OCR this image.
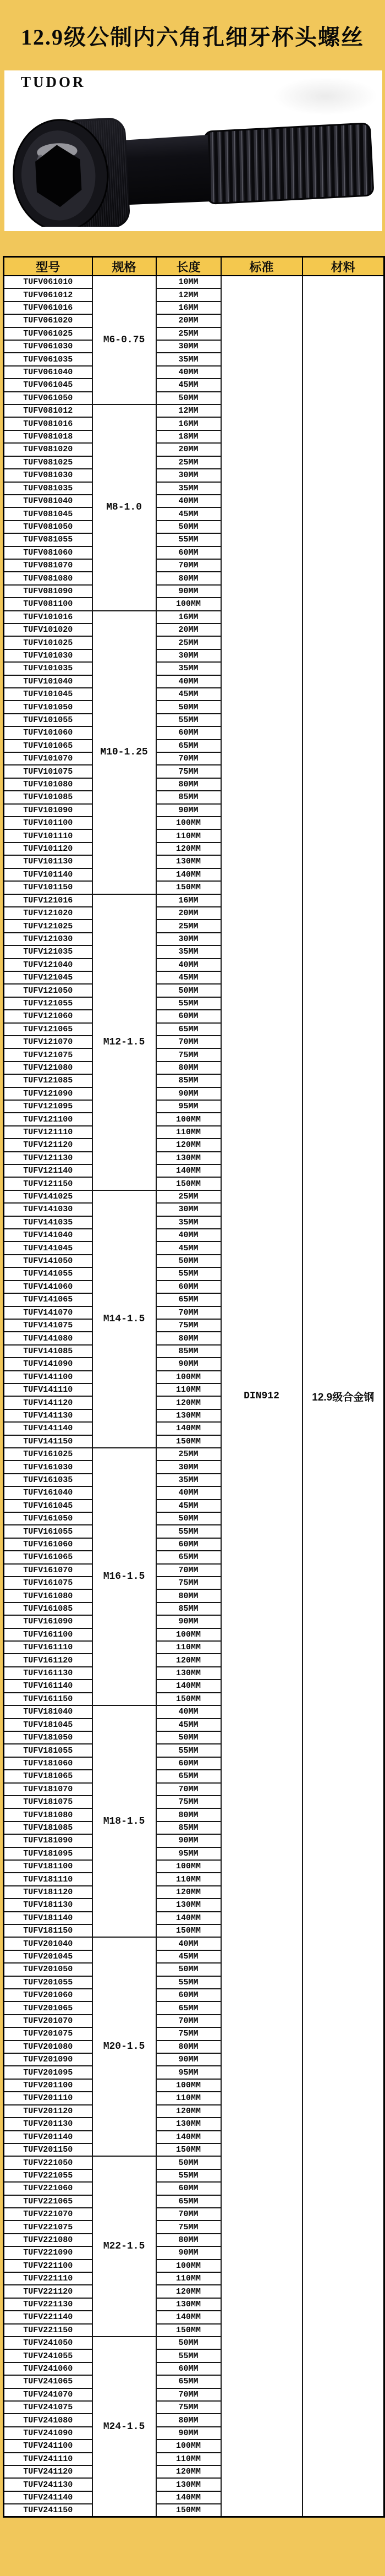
12.9级公制内六角孔细牙杯头螺丝
TUDOR
型号	规格	长度	标准	材料
TUFV061010	M6-0.75	10MM	DIN912	12.9级合金钢
TUFV061012		12MM		
TUFV061016		16MM		
TUFV061020		20MM		
TUFV061025		25MM		
TUFV061030		30MM		
TUFV061035		35MM		
TUFV061040		40MM		
TUFV061045		45MM		
TUFV061050		50MM		
TUFV081012	M8-1.0	12MM		
TUFV081016		16MM		
TUFV081018		18MM		
TUFV081020		20MM		
TUFV081025		25MM		
TUFV081030		30MM		
TUFV081035		35MM		
TUFV081040		40MM		
TUFV081045		45MM		
TUFV081050		50MM		
TUFV081055		55MM		
TUFV081060		60MM		
TUFV081070		70MM		
TUFV081080		80MM		
TUFV081090		90MM		
TUFV081100		100MM		
TUFV101016	M10-1.25	16MM		
TUFV101020		20MM		
TUFV101025		25MM		
TUFV101030		30MM		
TUFV101035		35MM		
TUFV101040		40MM		
TUFV101045		45MM		
TUFV101050		50MM		
TUFV101055		55MM		
TUFV101060		60MM		
TUFV101065		65MM		
TUFV101070		70MM		
TUFV101075		75MM		
TUFV101080		80MM		
TUFV101085		85MM		
TUFV101090		90MM		
TUFV101100		100MM		
TUFV101110		110MM		
TUFV101120		120MM		
TUFV101130		130MM		
TUFV101140		140MM		
TUFV101150		150MM		
TUFV121016	M12-1.5	16MM		
TUFV121020		20MM		
TUFV121025		25MM		
TUFV121030		30MM		
TUFV121035		35MM		
TUFV121040		40MM		
TUFV121045		45MM		
TUFV121050		50MM		
TUFV121055		55MM		
TUFV121060		60MM		
TUFV121065		65MM		
TUFV121070		70MM		
TUFV121075		75MM		
TUFV121080		80MM		
TUFV121085		85MM		
TUFV121090		90MM		
TUFV121095		95MM		
TUFV121100		100MM		
TUFV121110		110MM		
TUFV121120		120MM		
TUFV121130		130MM		
TUFV121140		140MM		
TUFV121150		150MM		
TUFV141025	M14-1.5	25MM		
TUFV141030		30MM		
TUFV141035		35MM		
TUFV141040		40MM		
TUFV141045		45MM		
TUFV141050		50MM		
TUFV141055		55MM		
TUFV141060		60MM		
TUFV141065		65MM		
TUFV141070		70MM		
TUFV141075		75MM		
TUFV141080		80MM		
TUFV141085		85MM		
TUFV141090		90MM		
TUFV141100		100MM		
TUFV141110		110MM		
TUFV141120		120MM		
TUFV141130		130MM		
TUFV141140		140MM		
TUFV141150		150MM		
TUFV161025	M16-1.5	25MM		
TUFV161030		30MM		
TUFV161035		35MM		
TUFV161040		40MM		
TUFV161045		45MM		
TUFV161050		50MM		
TUFV161055		55MM		
TUFV161060		60MM		
TUFV161065		65MM		
TUFV161070		70MM		
TUFV161075		75MM		
TUFV161080		80MM		
TUFV161085		85MM		
TUFV161090		90MM		
TUFV161100		100MM		
TUFV161110		110MM		
TUFV161120		120MM		
TUFV161130		130MM		
TUFV161140		140MM		
TUFV161150		150MM		
TUFV181040	M18-1.5	40MM		
TUFV181045		45MM		
TUFV181050		50MM		
TUFV181055		55MM		
TUFV181060		60MM		
TUFV181065		65MM		
TUFV181070		70MM		
TUFV181075		75MM		
TUFV181080		80MM		
TUFV181085		85MM		
TUFV181090		90MM		
TUFV181095		95MM		
TUFV181100		100MM		
TUFV181110		110MM		
TUFV181120		120MM		
TUFV181130		130MM		
TUFV181140		140MM		
TUFV181150		150MM		
TUFV201040	M20-1.5	40MM		
TUFV201045		45MM		
TUFV201050		50MM		
TUFV201055		55MM		
TUFV201060		60MM		
TUFV201065		65MM		
TUFV201070		70MM		
TUFV201075		75MM		
TUFV201080		80MM		
TUFV201090		90MM		
TUFV201095		95MM		
TUFV201100		100MM		
TUFV201110		110MM		
TUFV201120		120MM		
TUFV201130		130MM		
TUFV201140		140MM		
TUFV201150		150MM		
TUFV221050	M22-1.5	50MM		
TUFV221055		55MM		
TUFV221060		60MM		
TUFV221065		65MM		
TUFV221070		70MM		
TUFV221075		75MM		
TUFV221080		80MM		
TUFV221090		90MM		
TUFV221100		100MM		
TUFV221110		110MM		
TUFV221120		120MM		
TUFV221130		130MM		
TUFV221140		140MM		
TUFV221150		150MM		
TUFV241050	M24-1.5	50MM		
TUFV241055		55MM		
TUFV241060		60MM		
TUFV241065		65MM		
TUFV241070		70MM		
TUFV241075		75MM		
TUFV241080		80MM		
TUFV241090		90MM		
TUFV241100		100MM		
TUFV241110		110MM		
TUFV241120		120MM		
TUFV241130		130MM		
TUFV241140		140MM		
TUFV241150		150MM		
